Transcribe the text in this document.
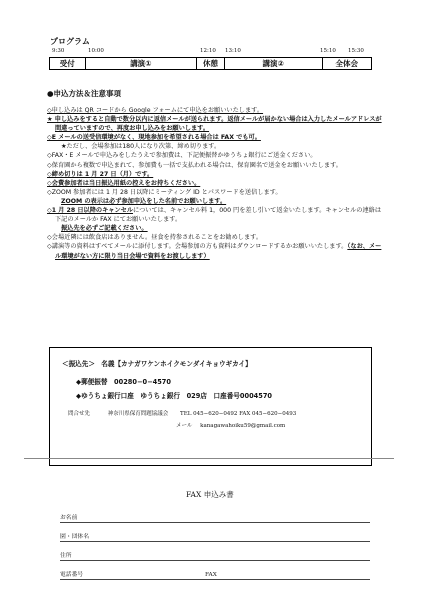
プログラム
9:30	10:00	12:10 13:10	15:10 15:30
受付	講演①	休憩	講演②	全体会
●申込方法＆注意事項

◇申し込みは QR コードから Google フォームにて申込をお願いいたします。

★ 申し込みをすると自動で数分以内に返信メールが送られます。返信メールが届かない場合は入力したメールアドレスが間違っていますので、再度お申し込みをお願いします。

◇E メールの送受信環境がなく、現地参加を希望される場合は FAX でも可。

★ただし、会場参加は180人になり次第、締め切ります。

◇FAX・E メールで申込みをしたうえで参加費は、下記便振替かゆうちょ銀行にご送金ください。

◇保育園から複数で申込まれて、参加費も一括で支払われる場合は、保育園名で送金をお願いいたします。

◇締め切りは 1 月 27 日（月）です。

◇会費参加者は当日振込用紙の控えをお持ちください。

◇ZOOM 参加者には 1 月 28 日以降にミーティング ID とパスワードを送信します。

ZOOM の表示は必ず参加申込をした名前でお願いします。

◇1 月 28 日以降のキャンセルについては、キャンセル料 1，000 円を差し引いて返金いたします。キャンセルの連絡は下記のメールか FAX にてお願いいたします。

振込先を必ずご記載ください。

◇会場近隣には飲食店はありません。昼食を持参されることをお勧めします。

◇講演等の資料はすべてメールに添付します。会場参加の方も資料はダウンロードするかお願いいたします。（なお、メール環境がない方に限り当日会場で資料をお渡しします）

＜振込先＞ 名義【カナガワケンホイクモンダイキョウギカイ】
◆郵便振替　00280−0−4570
◆ゆうちょ銀行口座　ゆうちょ銀行　029店　口座番号0004570
問合せ先	神奈川県保育問題協議会 TEL 045−620−0492 FAX 045−620−0493
メール kanagawahoiku59@gmail.com
FAX 申込み書
お名前
園・団体名
住所
電話番号	FAX
